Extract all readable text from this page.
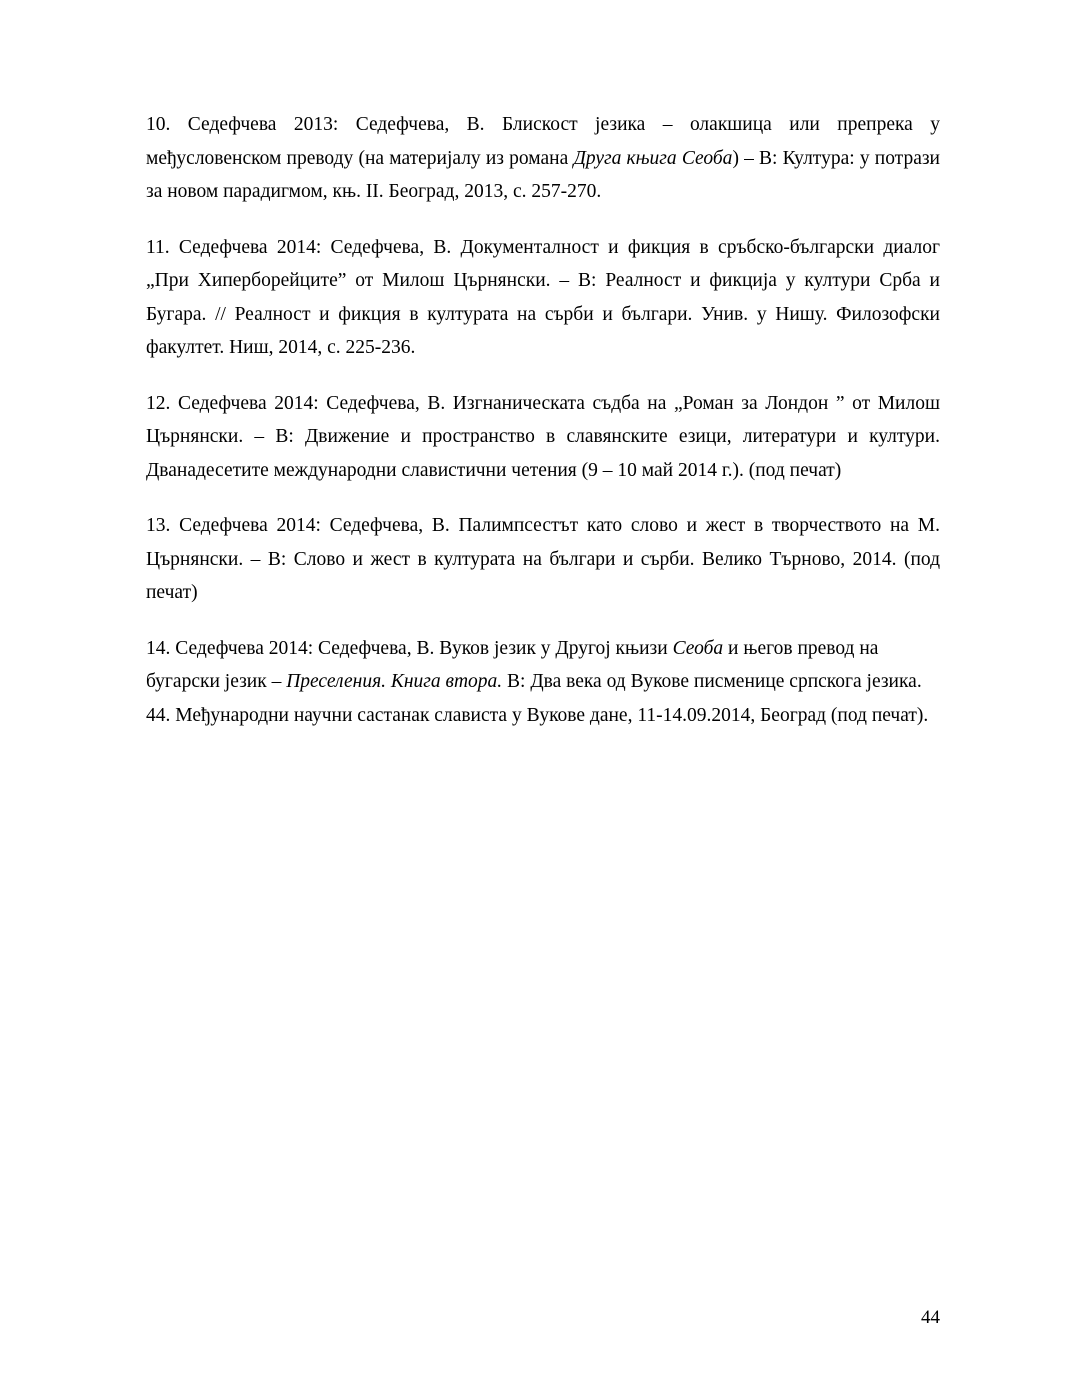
10. Седефчева 2013: Седефчева, В. Блискост језика – олакшица или препрека у међусловенском преводу (на материјалу из романа Друга књига Сеоба) – В: Култура: у потрази за новом парадигмом, књ. II. Београд, 2013, с. 257-270.

11. Седефчева 2014: Седефчева, В. Документалност и фикция в сръбско-български диалог „При Хиперборейците” от Милош Църнянски. – В: Реалност и фикција у култури Срба и Бугара. // Реалност и фикция в културата на сърби и българи. Унив. у Нишу. Филозофски факултет. Ниш, 2014, с. 225-236.

12. Седефчева 2014: Седефчева, В. Изгнаническата съдба на „Роман за Лондон ” от Милош Църнянски. – В: Движение и пространство в славянските езици, литератури и култури. Дванадесетите международни славистични четения (9 – 10 май 2014 г.). (под печат)

13. Седефчева 2014: Седефчева, В. Палимпсестът като слово и жест в творчеството на М. Църнянски. – В: Слово и жест в културата на българи и сърби. Велико Търново, 2014. (под печат)

14. Седефчева 2014: Седефчева, В. Вуков језик у Другој књизи Сеоба и његов превод на бугарски језик – Преселения. Книга втора. В: Два века од Вукове писменице српскога језика. 44. Међународни научни састанак слависта у Вукове дане, 11-14.09.2014, Београд (под печат).

44
